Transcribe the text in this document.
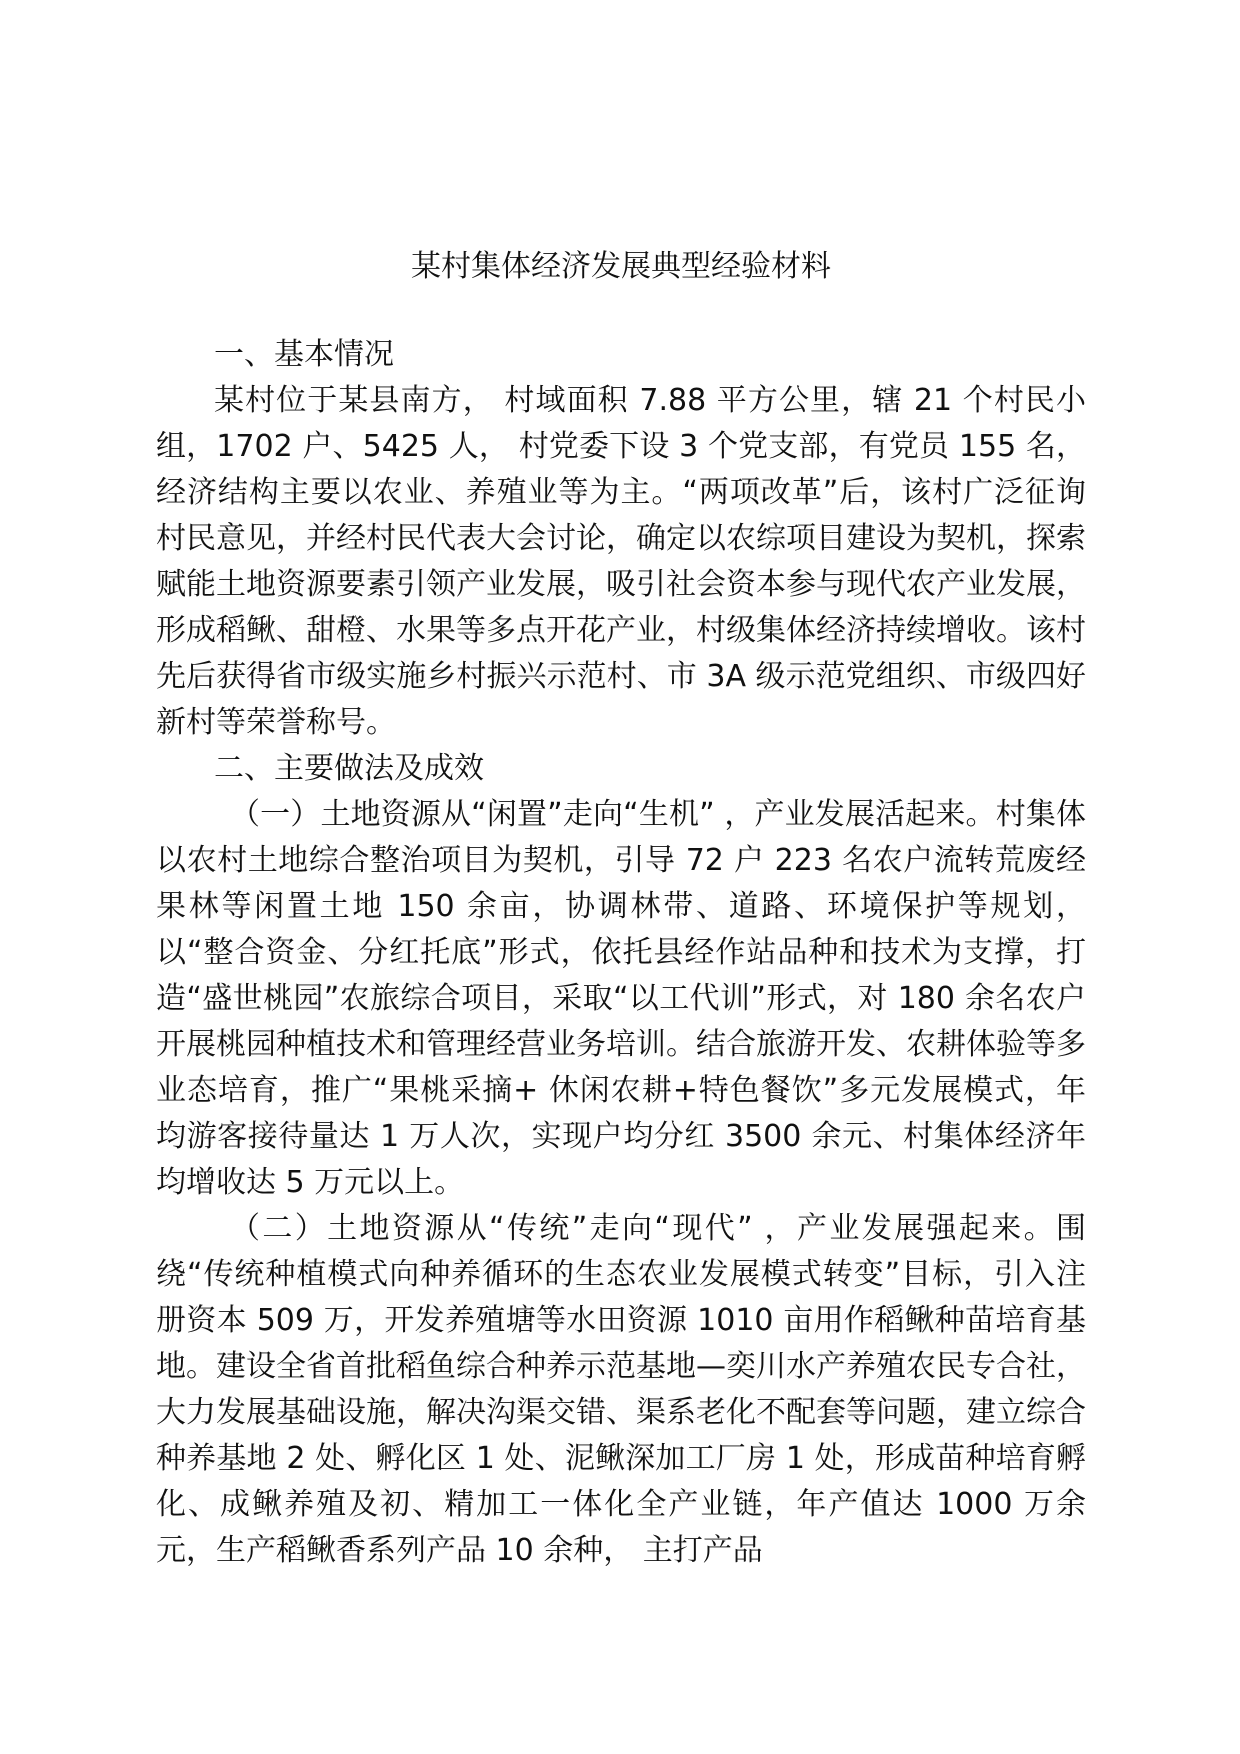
某村集体经济发展典型经验材料

一、基本情况

某村位于某县南方， 村域面积 7.88 平方公里，辖 21 个村民小组，1702 户、5425 人， 村党委下设 3 个党支部，有党员 155 名，经济结构主要以农业、养殖业等为主。“两项改革”后，该村广泛征询村民意见，并经村民代表大会讨论，确定以农综项目建设为契机，探索赋能土地资源要素引领产业发展，吸引社会资本参与现代农产业发展，形成稻鳅、甜橙、水果等多点开花产业，村级集体经济持续增收。该村先后获得省市级实施乡村振兴示范村、市 3A 级示范党组织、市级四好新村等荣誉称号。

二、主要做法及成效

（一）土地资源从“闲置”走向“生机” ，产业发展活起来。村集体以农村土地综合整治项目为契机，引导 72 户 223 名农户流转荒废经果林等闲置土地 150 余亩，协调林带、道路、环境保护等规划，以“整合资金、分红托底”形式，依托县经作站品种和技术为支撑，打造“盛世桃园”农旅综合项目，采取“以工代训”形式，对 180 余名农户开展桃园种植技术和管理经营业务培训。结合旅游开发、农耕体验等多业态培育，推广“果桃采摘+ 休闲农耕+特色餐饮”多元发展模式，年均游客接待量达 1 万人次，实现户均分红 3500 余元、村集体经济年均增收达 5 万元以上。

（二）土地资源从“传统”走向“现代” ，产业发展强起来。围绕“传统种植模式向种养循环的生态农业发展模式转变”目标，引入注册资本 509 万，开发养殖塘等水田资源 1010 亩用作稻鳅种苗培育基地。建设全省首批稻鱼综合种养示范基地—奕川水产养殖农民专合社，大力发展基础设施，解决沟渠交错、渠系老化不配套等问题，建立综合种养基地 2 处、孵化区 1 处、泥鳅深加工厂房 1 处，形成苗种培育孵化、成鳅养殖及初、精加工一体化全产业链，年产值达 1000 万余元，生产稻鳅香系列产品 10 余种， 主打产品
